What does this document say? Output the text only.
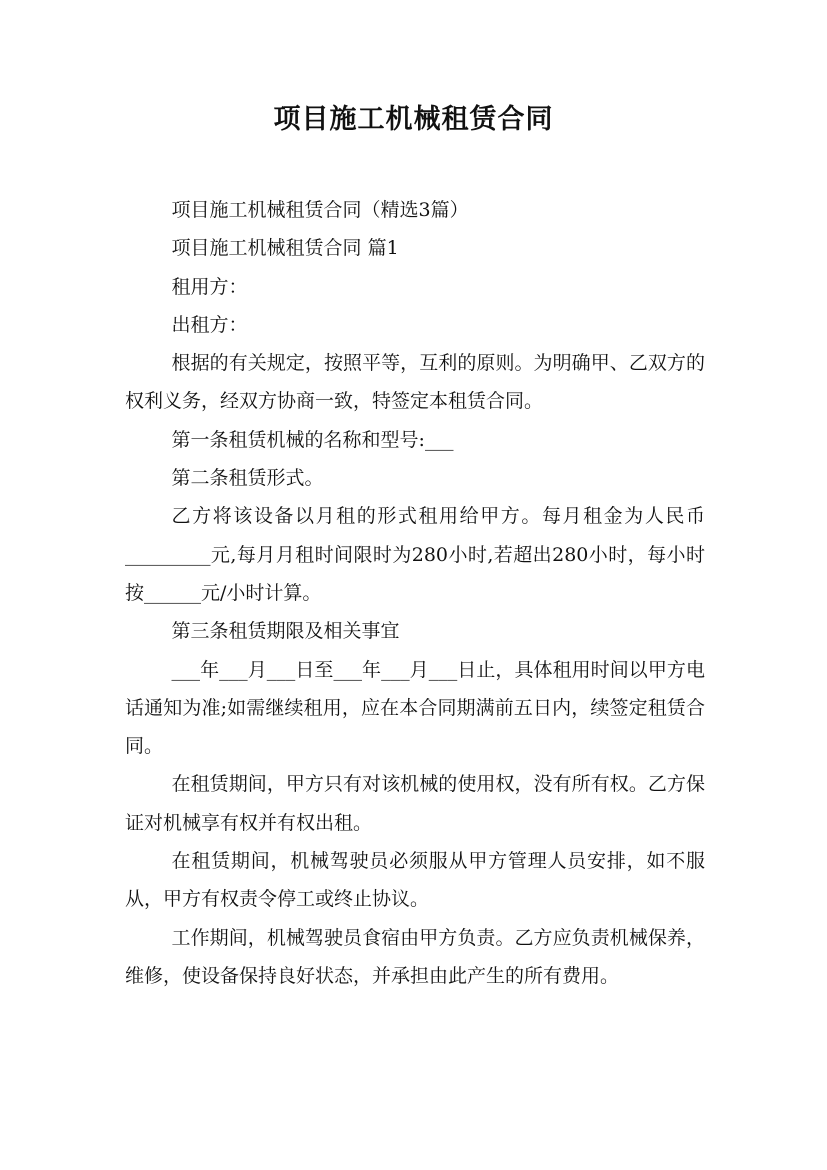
项目施工机械租赁合同

项目施工机械租赁合同（精选3篇）

项目施工机械租赁合同 篇1

租用方：

出租方：

根据的有关规定，按照平等，互利的原则。为明确甲、乙双方的权利义务，经双方协商一致，特签定本租赁合同。

第一条租赁机械的名称和型号:___

第二条租赁形式。

乙方将该设备以月租的形式租用给甲方。每月租金为人民币_________元,每月月租时间限时为280小时,若超出280小时，每小时按______元/小时计算。

第三条租赁期限及相关事宜

___年___月___日至___年___月___日止，具体租用时间以甲方电话通知为准;如需继续租用，应在本合同期满前五日内，续签定租赁合同。

在租赁期间，甲方只有对该机械的使用权，没有所有权。乙方保证对机械享有权并有权出租。

在租赁期间，机械驾驶员必须服从甲方管理人员安排，如不服从，甲方有权责令停工或终止协议。

工作期间，机械驾驶员食宿由甲方负责。乙方应负责机械保养，维修，使设备保持良好状态，并承担由此产生的所有费用。
